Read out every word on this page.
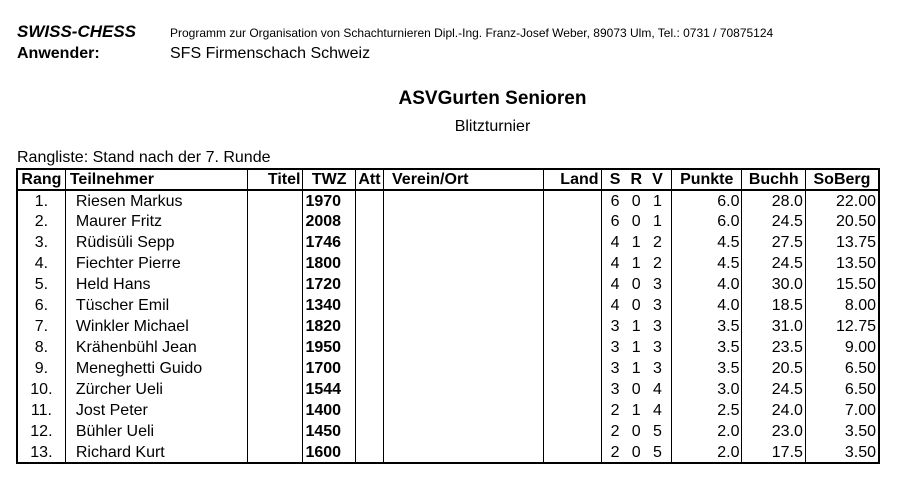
SWISS-CHESS	Programm zur Organisation von Schachturnieren Dipl.-Ing. Franz-Josef Weber, 89073 Ulm, Tel.: 0731 / 70875124
Anwender:	SFS Firmenschach Schweiz
ASVGurten Senioren
Blitzturnier
Rangliste: Stand nach der 7. Runde
Rang	Teilnehmer	Titel	TWZ	Att	Verein/Ort	Land	S R V	Punkte	Buchh	SoBerg
1.	Riesen Markus		1970				6 0 1	6.0	28.0	22.00
2.	Maurer Fritz		2008				6 0 1	6.0	24.5	20.50
3.	Rüdisüli Sepp		1746				4 1 2	4.5	27.5	13.75
4.	Fiechter Pierre		1800				4 1 2	4.5	24.5	13.50
5.	Held Hans		1720				4 0 3	4.0	30.0	15.50
6.	Tüscher Emil		1340				4 0 3	4.0	18.5	8.00
7.	Winkler Michael		1820				3 1 3	3.5	31.0	12.75
8.	Krähenbühl Jean		1950				3 1 3	3.5	23.5	9.00
9.	Meneghetti Guido		1700				3 1 3	3.5	20.5	6.50
10.	Zürcher Ueli		1544				3 0 4	3.0	24.5	6.50
11.	Jost Peter		1400				2 1 4	2.5	24.0	7.00
12.	Bühler Ueli		1450				2 0 5	2.0	23.0	3.50
13.	Richard Kurt		1600				2 0 5	2.0	17.5	3.50
